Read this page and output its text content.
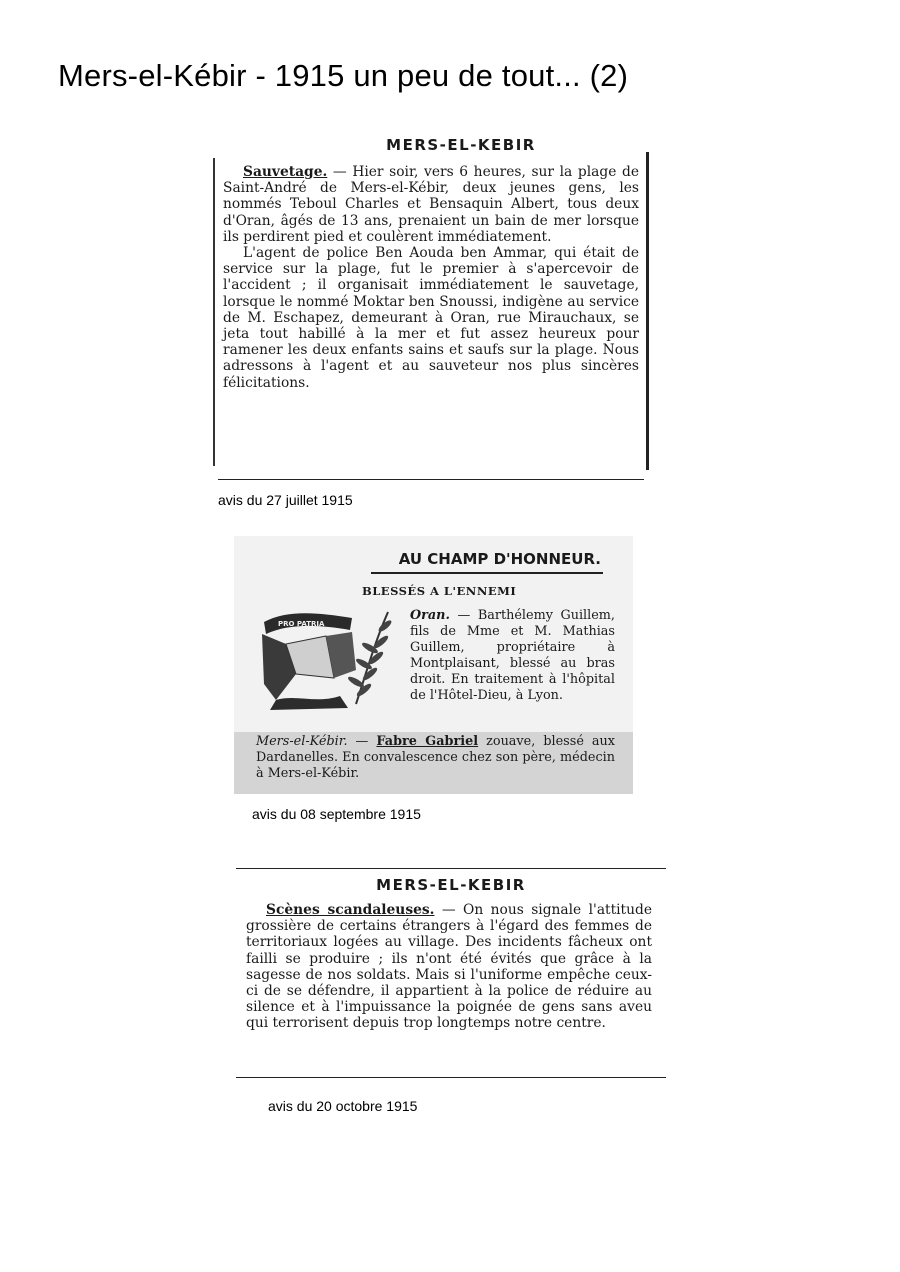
Mers-el-Kébir - 1915 un peu de tout... (2)
MERS-EL-KEBIR

Sauvetage. — Hier soir, vers 6 heures, sur la plage de Saint-André de Mers-el-Kébir, deux jeunes gens, les nommés Teboul Charles et Bensaquin Albert, tous deux d'Oran, âgés de 13 ans, prenaient un bain de mer lorsque ils perdirent pied et coulèrent immédiatement.

L'agent de police Ben Aouda ben Ammar, qui était de service sur la plage, fut le premier à s'apercevoir de l'accident ; il organisait immédiatement le sauvetage, lorsque le nommé Moktar ben Snoussi, indigène au service de M. Eschapez, demeurant à Oran, rue Mirauchaux, se jeta tout habillé à la mer et fut assez heureux pour ramener les deux enfants sains et saufs sur la plage. Nous adressons à l'agent et au sauveteur nos plus sincères félicitations.

avis du 27 juillet 1915
AU CHAMP D'HONNEUR.
BLESSÉS A L'ENNEMI
PRO PATRIA

Oran. — Barthélemy Guillem, fils de Mme et M. Mathias Guillem, propriétaire à Montplaisant, blessé au bras droit. En traitement à l'hôpital de l'Hôtel-Dieu, à Lyon.

Mers-el-Kébir. — Fabre Gabriel zouave, blessé aux Dardanelles. En convalescence chez son père, médecin à Mers-el-Kébir.

avis du 08 septembre 1915
MERS-EL-KEBIR

Scènes scandaleuses. — On nous signale l'attitude grossière de certains étrangers à l'égard des femmes de territoriaux logées au village. Des incidents fâcheux ont failli se produire ; ils n'ont été évités que grâce à la sagesse de nos soldats. Mais si l'uniforme empêche ceux-ci de se défendre, il appartient à la police de réduire au silence et à l'impuissance la poignée de gens sans aveu qui terrorisent depuis trop longtemps notre centre.

avis du 20 octobre 1915
